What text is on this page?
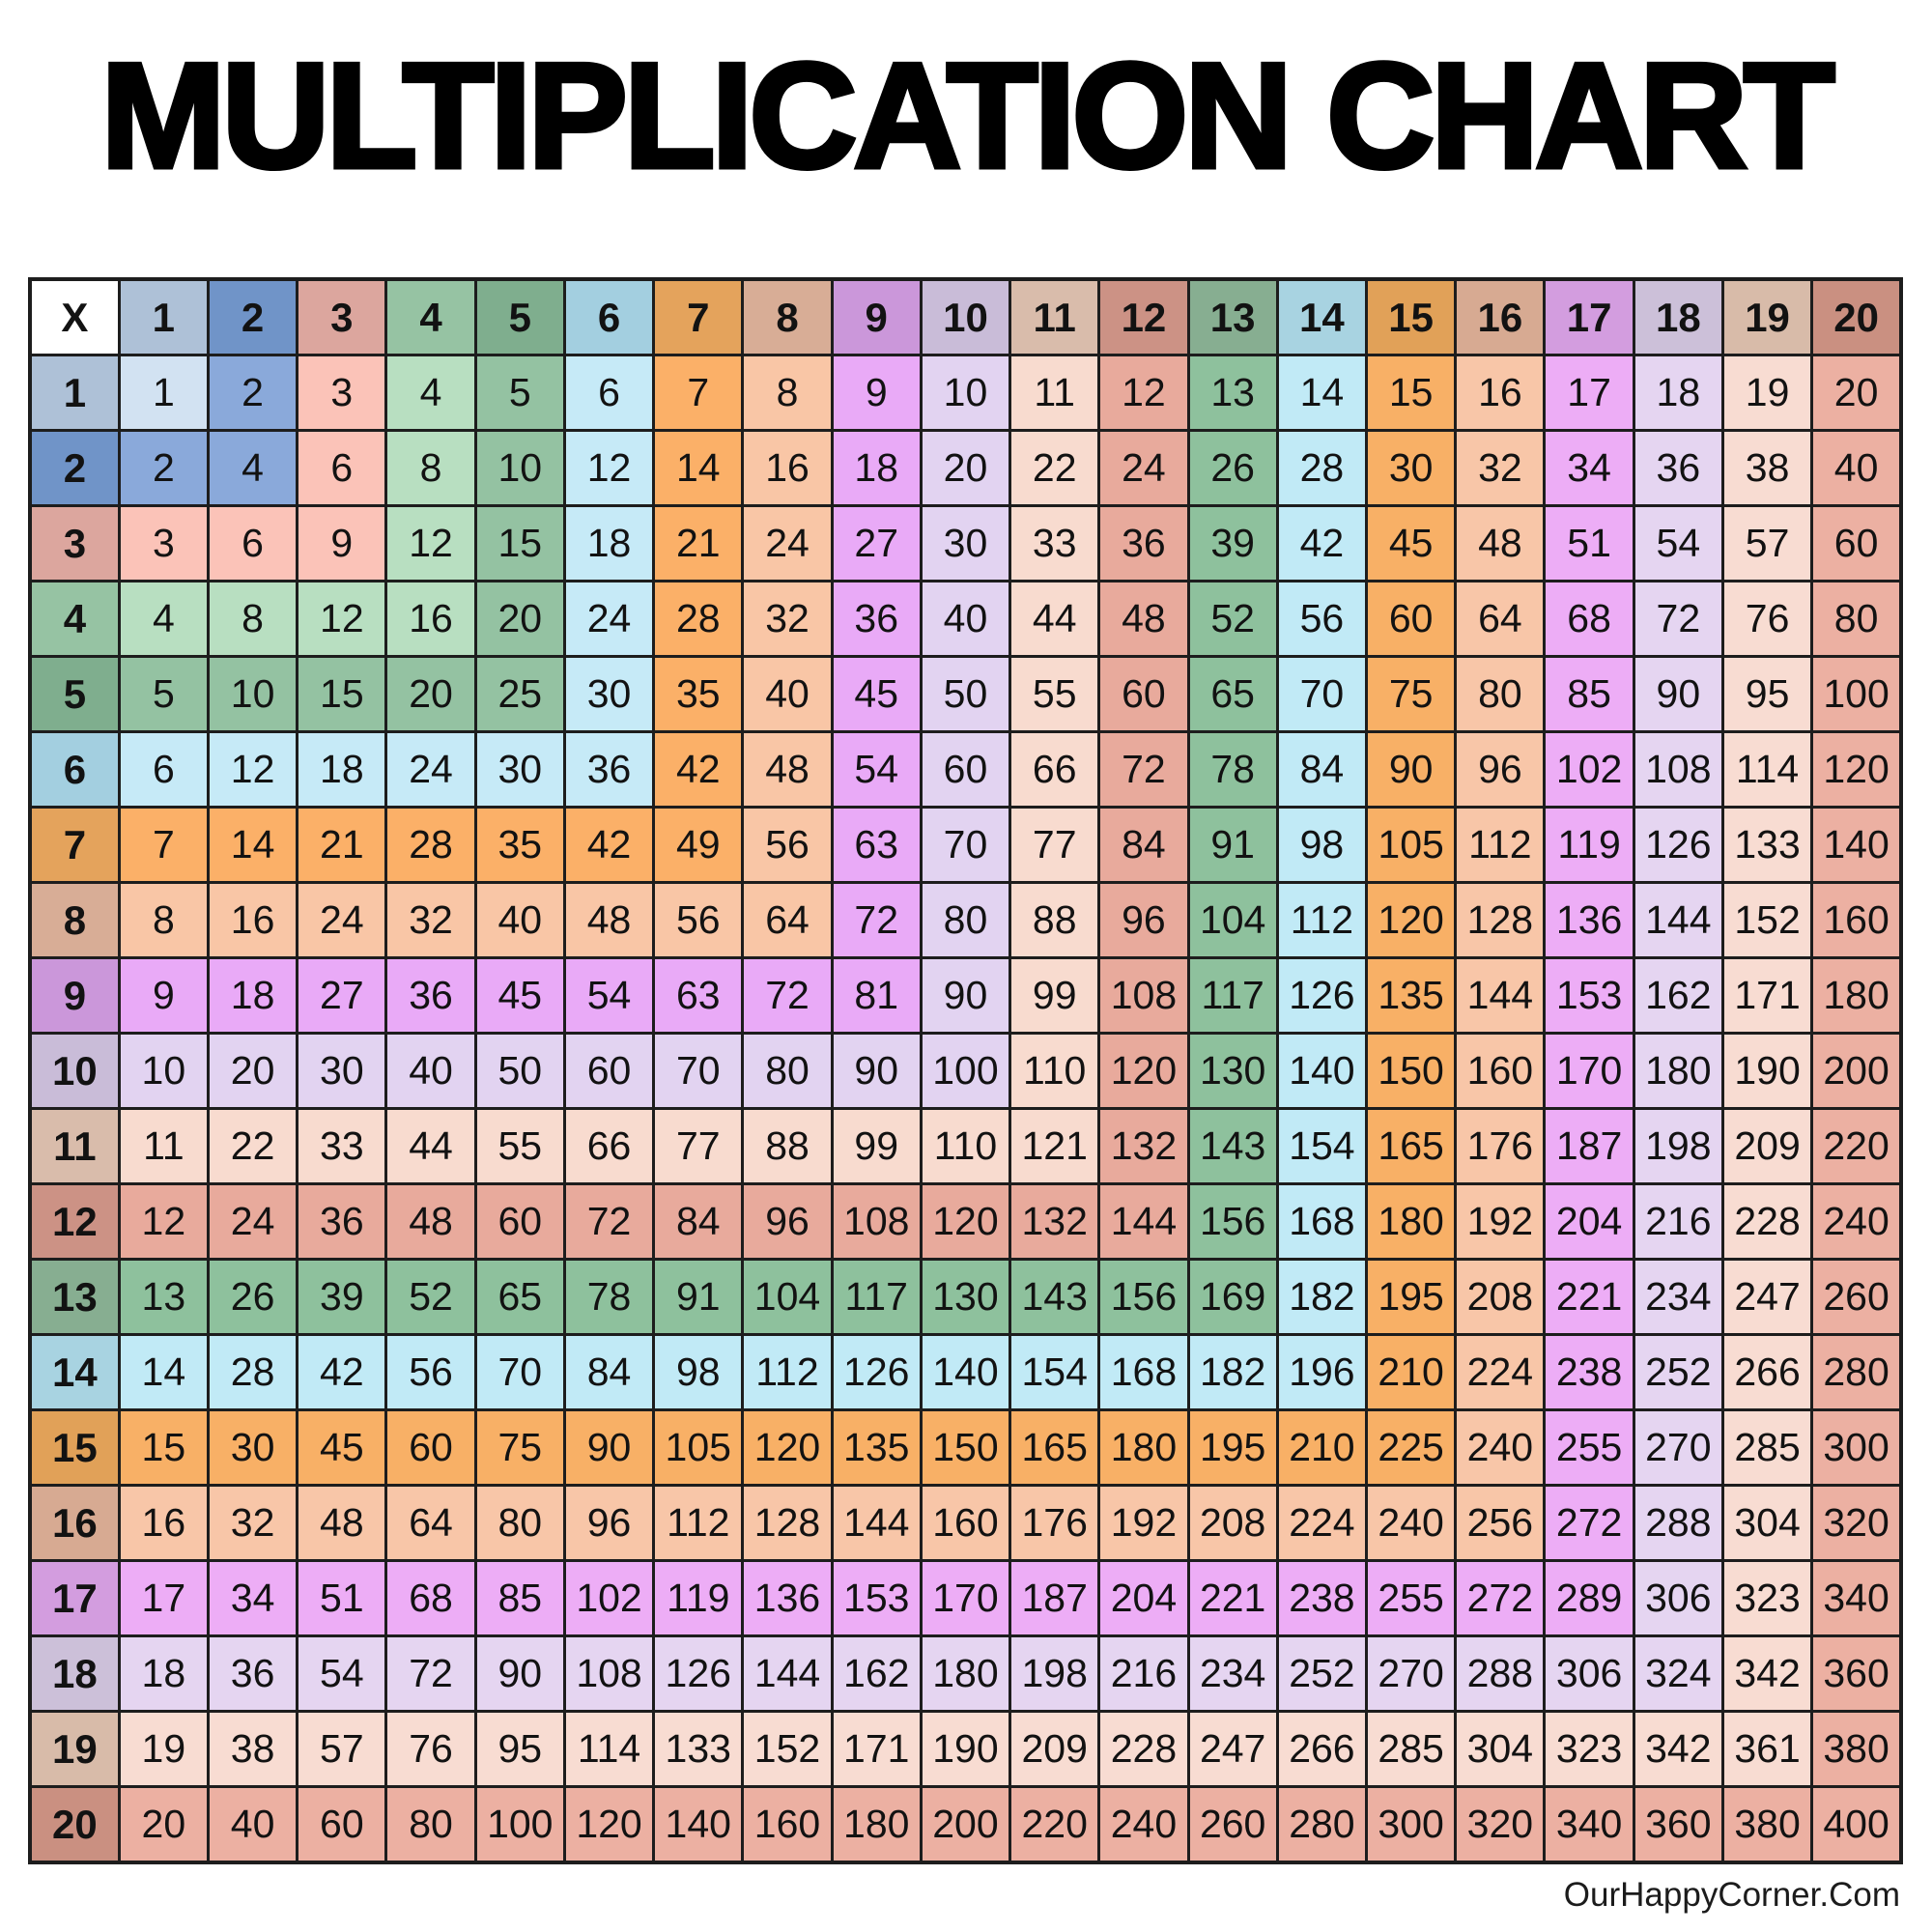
MULTIPLICATION CHART
X	1	2	3	4	5	6	7	8	9	10	11	12	13	14	15	16	17	18	19	20
1	1	2	3	4	5	6	7	8	9	10	11	12	13	14	15	16	17	18	19	20
2	2	4	6	8	10	12	14	16	18	20	22	24	26	28	30	32	34	36	38	40
3	3	6	9	12	15	18	21	24	27	30	33	36	39	42	45	48	51	54	57	60
4	4	8	12	16	20	24	28	32	36	40	44	48	52	56	60	64	68	72	76	80
5	5	10	15	20	25	30	35	40	45	50	55	60	65	70	75	80	85	90	95	100
6	6	12	18	24	30	36	42	48	54	60	66	72	78	84	90	96	102	108	114	120
7	7	14	21	28	35	42	49	56	63	70	77	84	91	98	105	112	119	126	133	140
8	8	16	24	32	40	48	56	64	72	80	88	96	104	112	120	128	136	144	152	160
9	9	18	27	36	45	54	63	72	81	90	99	108	117	126	135	144	153	162	171	180
10	10	20	30	40	50	60	70	80	90	100	110	120	130	140	150	160	170	180	190	200
11	11	22	33	44	55	66	77	88	99	110	121	132	143	154	165	176	187	198	209	220
12	12	24	36	48	60	72	84	96	108	120	132	144	156	168	180	192	204	216	228	240
13	13	26	39	52	65	78	91	104	117	130	143	156	169	182	195	208	221	234	247	260
14	14	28	42	56	70	84	98	112	126	140	154	168	182	196	210	224	238	252	266	280
15	15	30	45	60	75	90	105	120	135	150	165	180	195	210	225	240	255	270	285	300
16	16	32	48	64	80	96	112	128	144	160	176	192	208	224	240	256	272	288	304	320
17	17	34	51	68	85	102	119	136	153	170	187	204	221	238	255	272	289	306	323	340
18	18	36	54	72	90	108	126	144	162	180	198	216	234	252	270	288	306	324	342	360
19	19	38	57	76	95	114	133	152	171	190	209	228	247	266	285	304	323	342	361	380
20	20	40	60	80	100	120	140	160	180	200	220	240	260	280	300	320	340	360	380	400
OurHappyCorner.Com
